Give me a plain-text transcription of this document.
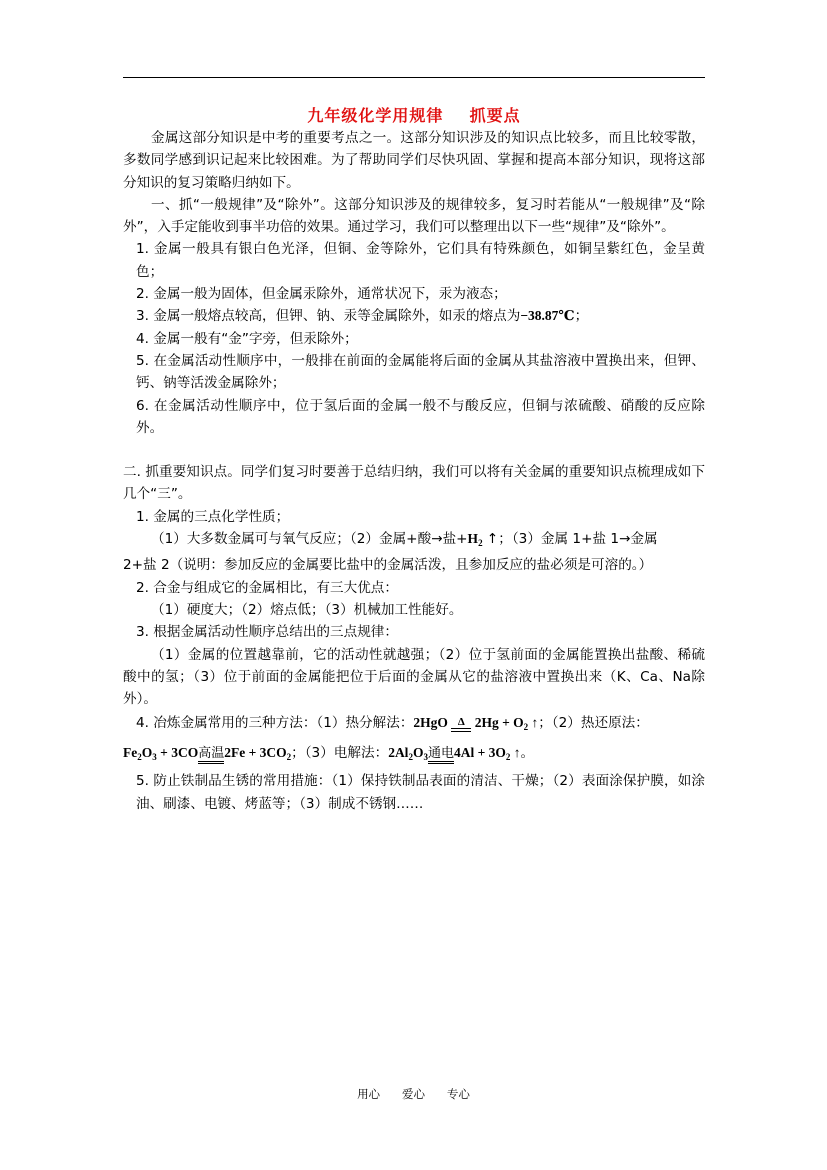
九年级化学用规律    抓要点

金属这部分知识是中考的重要考点之一。这部分知识涉及的知识点比较多，而且比较零散，多数同学感到识记起来比较困难。为了帮助同学们尽快巩固、掌握和提高本部分知识，现将这部分知识的复习策略归纳如下。

一、抓“一般规律”及“除外”。这部分知识涉及的规律较多，复习时若能从“一般规律”及“除外”，入手定能收到事半功倍的效果。通过学习，我们可以整理出以下一些“规律”及“除外”。

1. 金属一般具有银白色光泽，但铜、金等除外，它们具有特殊颜色，如铜呈紫红色，金呈黄色；

2. 金属一般为固体，但金属汞除外，通常状况下，汞为液态；

3. 金属一般熔点较高，但钾、钠、汞等金属除外，如汞的熔点为−38.87℃；

4. 金属一般有“金”字旁，但汞除外；

5. 在金属活动性顺序中，一般排在前面的金属能将后面的金属从其盐溶液中置换出来，但钾、钙、钠等活泼金属除外；

6. 在金属活动性顺序中，位于氢后面的金属一般不与酸反应，但铜与浓硫酸、硝酸的反应除外。

二. 抓重要知识点。同学们复习时要善于总结归纳，我们可以将有关金属的重要知识点梳理成如下几个“三”。

1. 金属的三点化学性质；

（1）大多数金属可与氧气反应；（2）金属+酸→盐$+H_2$ ↑；（3）金属 1+盐 1→金属
2+盐 2（说明：参加反应的金属要比盐中的金属活泼，且参加反应的盐必须是可溶的。）

2. 合金与组成它的金属相比，有三大优点：

（1）硬度大；（2）熔点低；（3）机械加工性能好。

3. 根据金属活动性顺序总结出的三点规律：

（1）金属的位置越靠前，它的活动性就越强；（2）位于氢前面的金属能置换出盐酸、稀硫酸中的氢；（3）位于前面的金属能把位于后面的金属从它的盐溶液中置换出来（K、Ca、Na除外）。

4. 冶炼金属常用的三种方法：（1）热分解法：2HgO Δ $2Hg + O_2$ ↑；（2）热还原法：
$Fe_2O_3 + 3CO$高温$2Fe + 3CO_2$；（3）电解法：$2Al_2O_3$通电$4Al + 3O_2$ ↑。

5. 防止铁制品生锈的常用措施：（1）保持铁制品表面的清洁、干燥；（2）表面涂保护膜，如涂油、刷漆、电镀、烤蓝等；（3）制成不锈钢……

用心      爱心      专心
